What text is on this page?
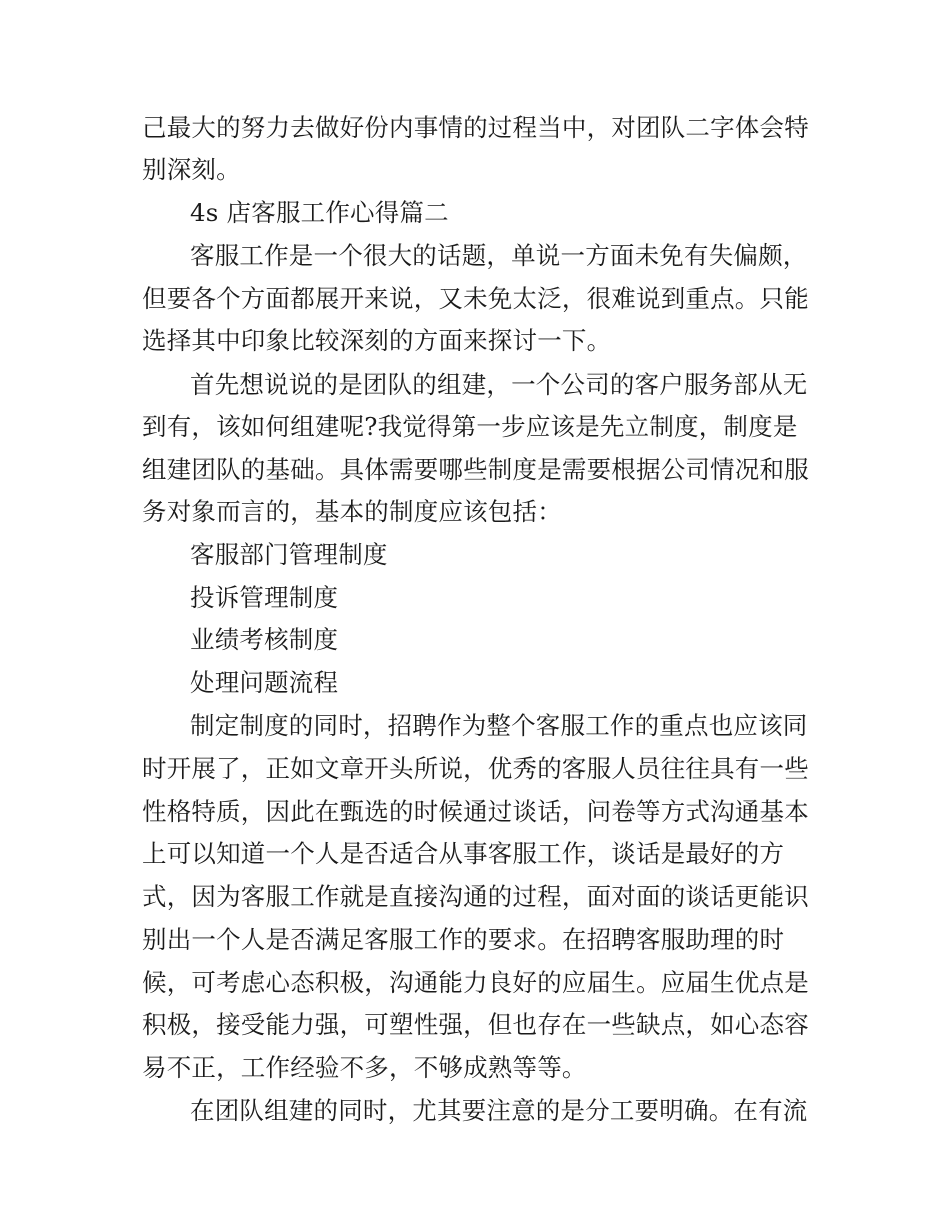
己最大的努力去做好份内事情的过程当中，对团队二字体会特
别深刻。
4s 店客服工作心得篇二
客服工作是一个很大的话题，单说一方面未免有失偏颇，
但要各个方面都展开来说，又未免太泛，很难说到重点。只能
选择其中印象比较深刻的方面来探讨一下。
首先想说说的是团队的组建，一个公司的客户服务部从无
到有，该如何组建呢?我觉得第一步应该是先立制度，制度是
组建团队的基础。具体需要哪些制度是需要根据公司情况和服
务对象而言的，基本的制度应该包括：
客服部门管理制度
投诉管理制度
业绩考核制度
处理问题流程
制定制度的同时，招聘作为整个客服工作的重点也应该同
时开展了，正如文章开头所说，优秀的客服人员往往具有一些
性格特质，因此在甄选的时候通过谈话，问卷等方式沟通基本
上可以知道一个人是否适合从事客服工作，谈话是最好的方
式，因为客服工作就是直接沟通的过程，面对面的谈话更能识
别出一个人是否满足客服工作的要求。在招聘客服助理的时
候，可考虑心态积极，沟通能力良好的应届生。应届生优点是
积极，接受能力强，可塑性强，但也存在一些缺点，如心态容
易不正，工作经验不多，不够成熟等等。
在团队组建的同时，尤其要注意的是分工要明确。在有流
